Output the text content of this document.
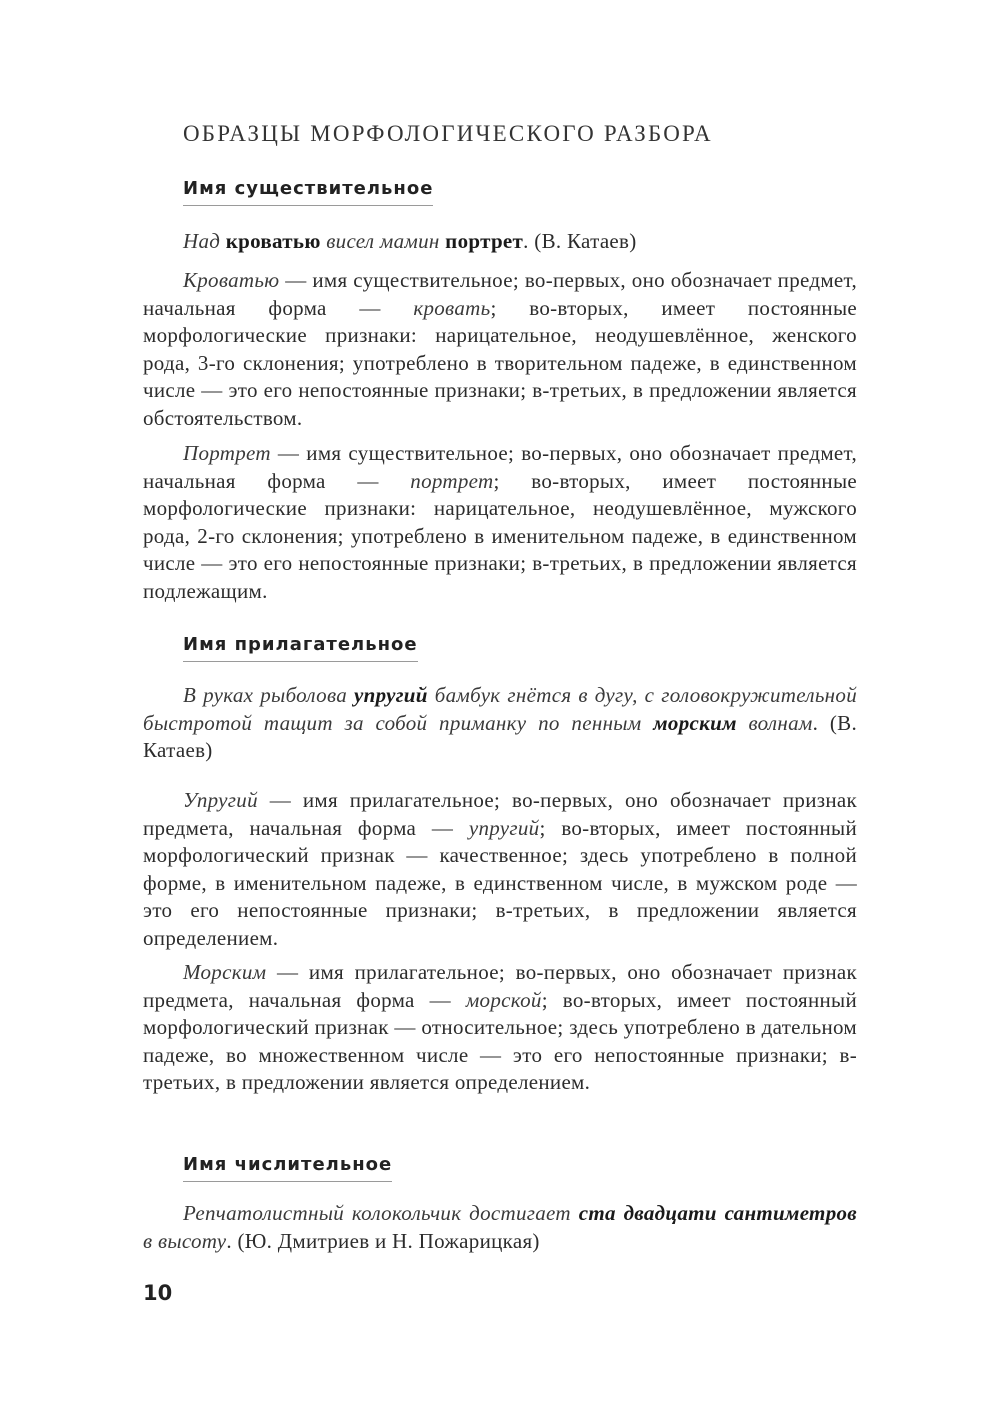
ОБРАЗЦЫ МОРФОЛОГИЧЕСКОГО РАЗБОРА
Имя существительное

Над кроватью висел мамин портрет. (В. Катаев)

Кроватью — имя существительное; во-первых, оно обозначает предмет, начальная форма — кровать; во-вторых, имеет постоянные морфологические признаки: нарицательное, неодушевлённое, женского рода, 3-го склонения; употреблено в творительном падеже, в единственном числе — это его непостоянные признаки; в-третьих, в предложении является обстоятельством.

Портрет — имя существительное; во-первых, оно обозначает предмет, начальная форма — портрет; во-вторых, имеет постоянные морфологические признаки: нарицательное, неодушевлённое, мужского рода, 2-го склонения; употреблено в именительном падеже, в единственном числе — это его непостоянные признаки; в-третьих, в предложении является подлежащим.

Имя прилагательное

В руках рыболова упругий бамбук гнётся в дугу, с головокружительной быстротой тащит за собой приманку по пенным морским волнам. (В. Катаев)

Упругий — имя прилагательное; во-первых, оно обозначает признак предмета, начальная форма — упругий; во-вторых, имеет постоянный морфологический признак — качественное; здесь употреблено в полной форме, в именительном падеже, в единственном числе, в мужском роде — это его непостоянные признаки; в-третьих, в предложении является определением.

Морским — имя прилагательное; во-первых, оно обозначает признак предмета, начальная форма — морской; во-вторых, имеет постоянный морфологический признак — относительное; здесь употреблено в дательном падеже, во множественном числе — это его непостоянные признаки; в-третьих, в предложении является определением.

Имя числительное

Репчатолистный колокольчик достигает ста двадцати сантиметров в высоту. (Ю. Дмитриев и Н. Пожарицкая)

10
